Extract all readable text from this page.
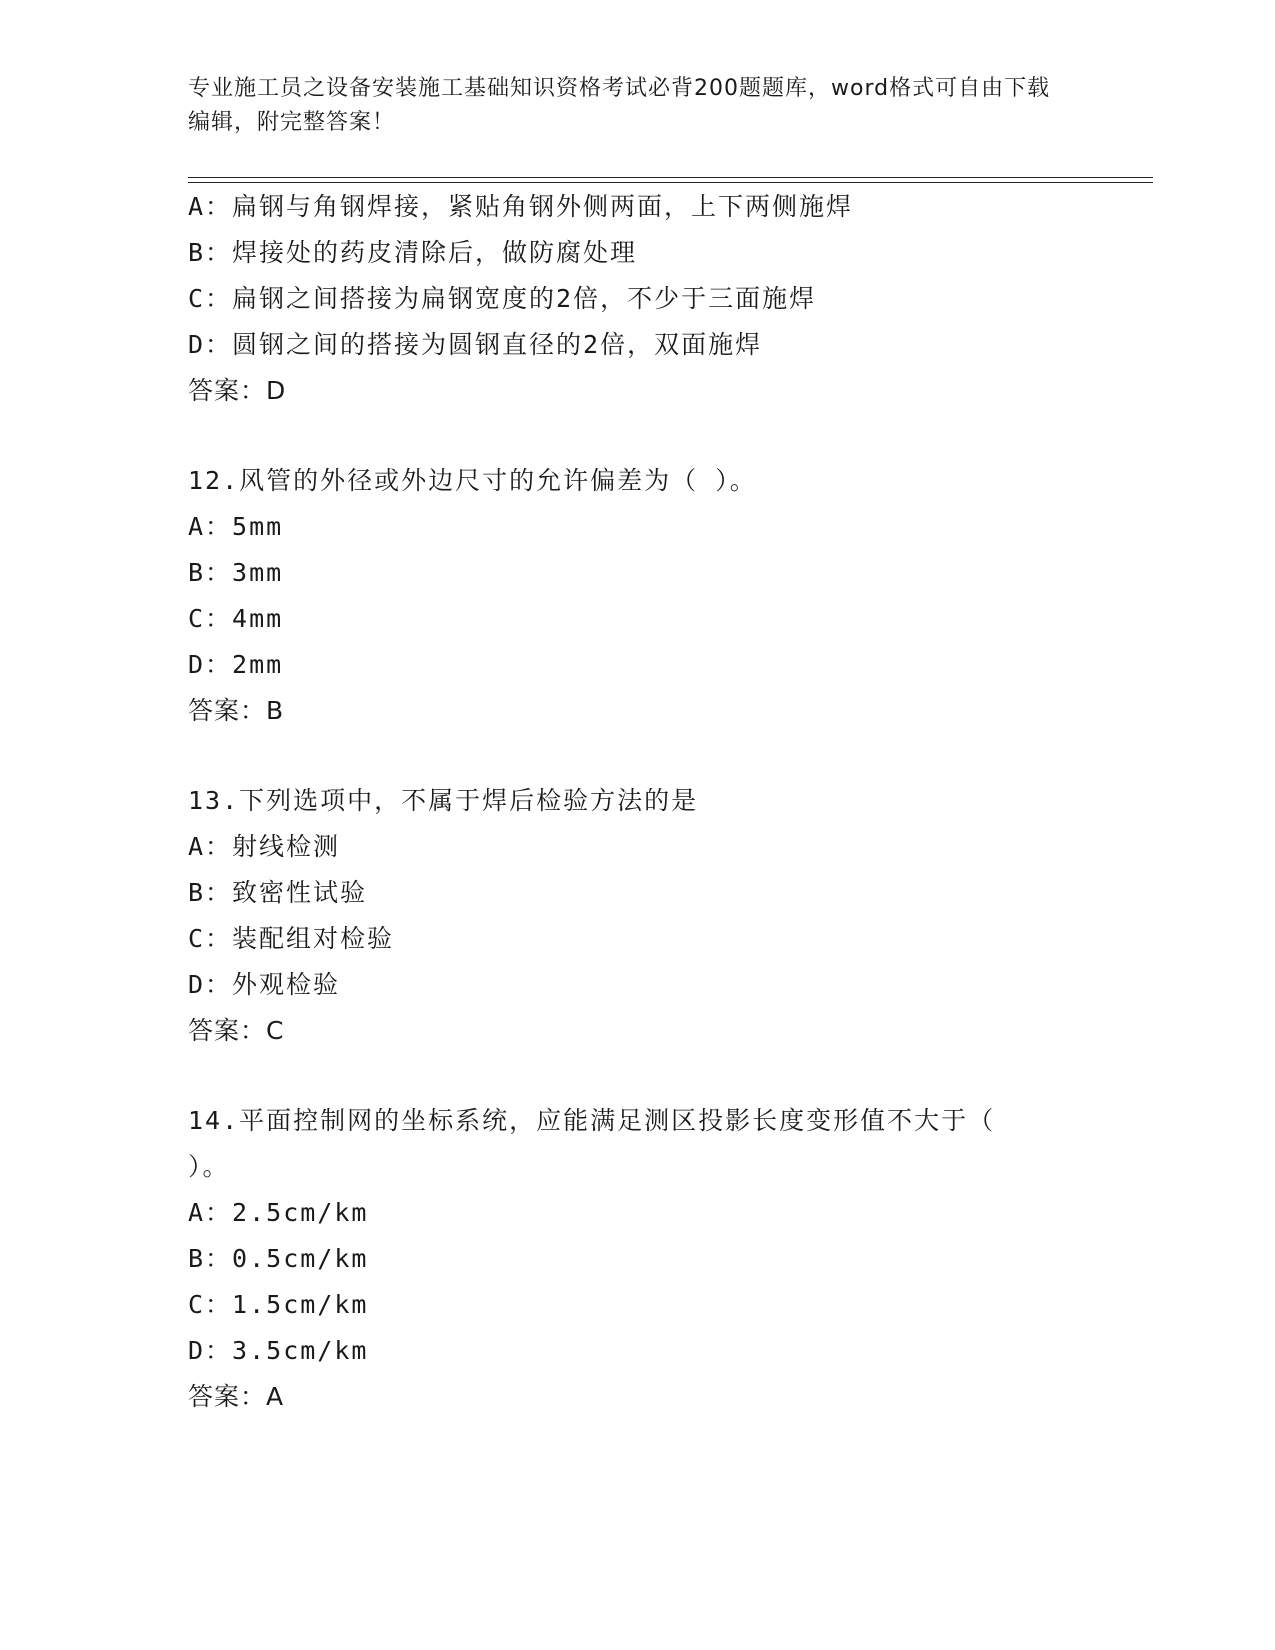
专业施工员之设备安装施工基础知识资格考试必背200题题库，word格式可自由下载编辑，附完整答案！
A：扁钢与角钢焊接，紧贴角钢外侧两面，上下两侧施焊
B：焊接处的药皮清除后，做防腐处理
C：扁钢之间搭接为扁钢宽度的2倍，不少于三面施焊
D：圆钢之间的搭接为圆钢直径的2倍，双面施焊
答案：D
12.风管的外径或外边尺寸的允许偏差为（ ）。
A：5mm
B：3mm
C：4mm
D：2mm
答案：B
13.下列选项中，不属于焊后检验方法的是
A：射线检测
B：致密性试验
C：装配组对检验
D：外观检验
答案：C
14.平面控制网的坐标系统，应能满足测区投影长度变形值不大于（
）。
A：2.5cm/km
B：0.5cm/km
C：1.5cm/km
D：3.5cm/km
答案：A
